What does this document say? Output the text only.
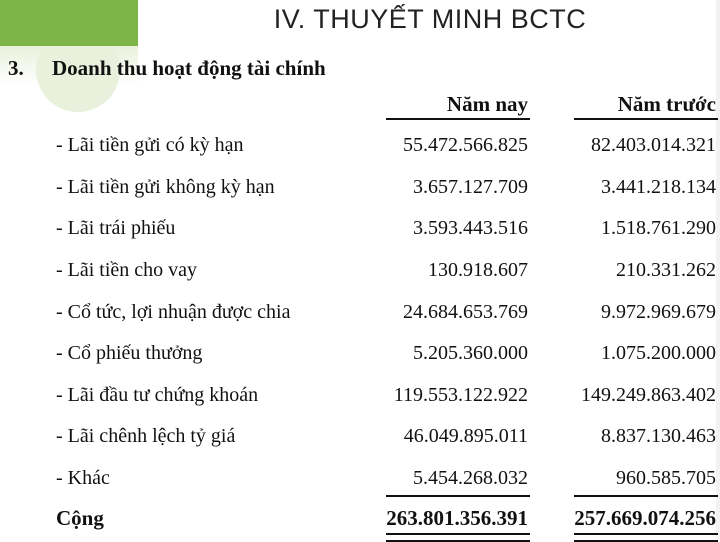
IV. THUYẾT MINH BCTC
3. Doanh thu hoạt động tài chính
Năm nay	Năm trước
- Lãi tiền gửi có kỳ hạn	55.472.566.825	82.403.014.321
- Lãi tiền gửi không kỳ hạn	3.657.127.709	3.441.218.134
- Lãi trái phiếu	3.593.443.516	1.518.761.290
- Lãi tiền cho vay	130.918.607	210.331.262
- Cổ tức, lợi nhuận được chia	24.684.653.769	9.972.969.679
- Cổ phiếu thưởng	5.205.360.000	1.075.200.000
- Lãi đầu tư chứng khoán	119.553.122.922	149.249.863.402
- Lãi chênh lệch tỷ giá	46.049.895.011	8.837.130.463
- Khác	5.454.268.032	960.585.705
Cộng	263.801.356.391 257.669.074.256
